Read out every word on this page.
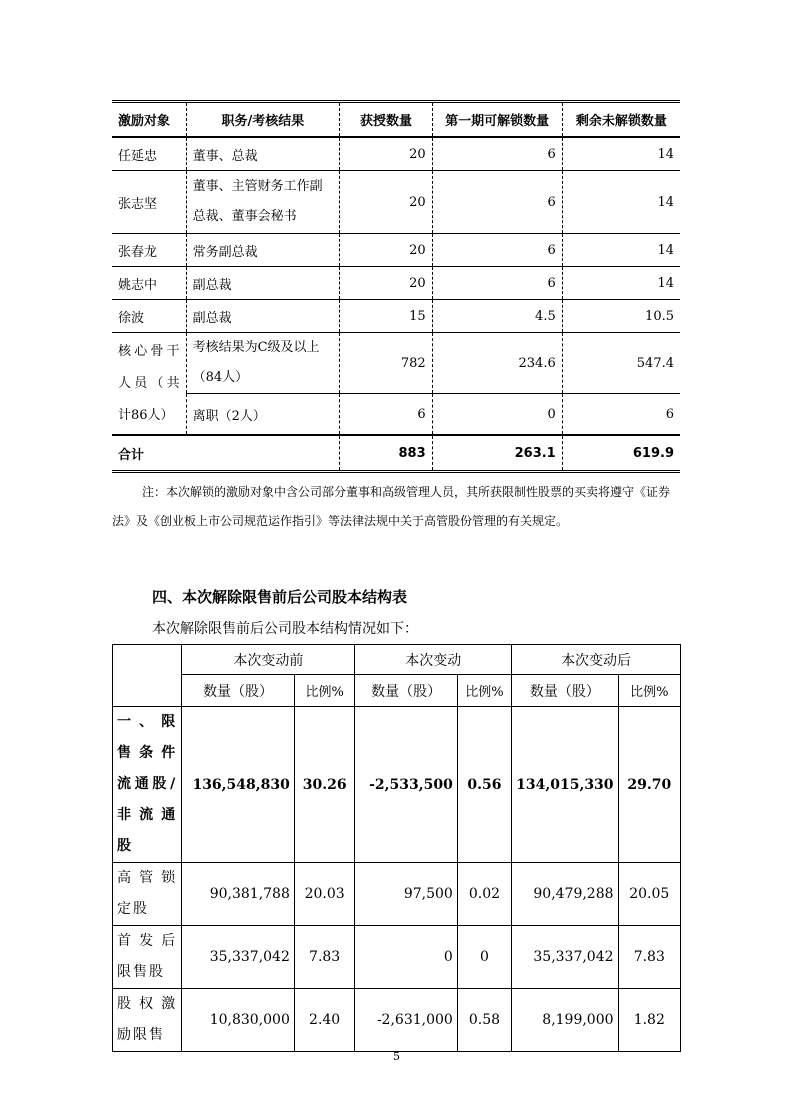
激励对象	职务/考核结果	获授数量	第一期可解锁数量	剩余未解锁数量
任延忠	董事、总裁	20	6	14
张志坚	董事、主管财务工作副总裁、董事会秘书	20	6	14
张春龙	常务副总裁	20	6	14
姚志中	副总裁	20	6	14
徐波	副总裁	15	4.5	10.5
核心骨干人员（共计86人）	考核结果为C级及以上（84人）	782	234.6	547.4
	离职（2人）	6	0	6
合计		883	263.1	619.9
注：本次解锁的激励对象中含公司部分董事和高级管理人员，其所获限制性股票的买卖将遵守《证券法》及《创业板上市公司规范运作指引》等法律法规中关于高管股份管理的有关规定。
四、本次解除限售前后公司股本结构表
本次解除限售前后公司股本结构情况如下：
	本次变动前		本次变动		本次变动后	
	数量（股）	比例%	数量（股）	比例%	数量（股）	比例%
一、限售条件流通股/非流通股	136,548,830	30.26	-2,533,500	0.56	134,015,330	29.70
高管锁定股	90,381,788	20.03	97,500	0.02	90,479,288	20.05
首发后限售股	35,337,042	7.83	0	0	35,337,042	7.83
股权激励限售	10,830,000	2.40	-2,631,000	0.58	8,199,000	1.82
5
